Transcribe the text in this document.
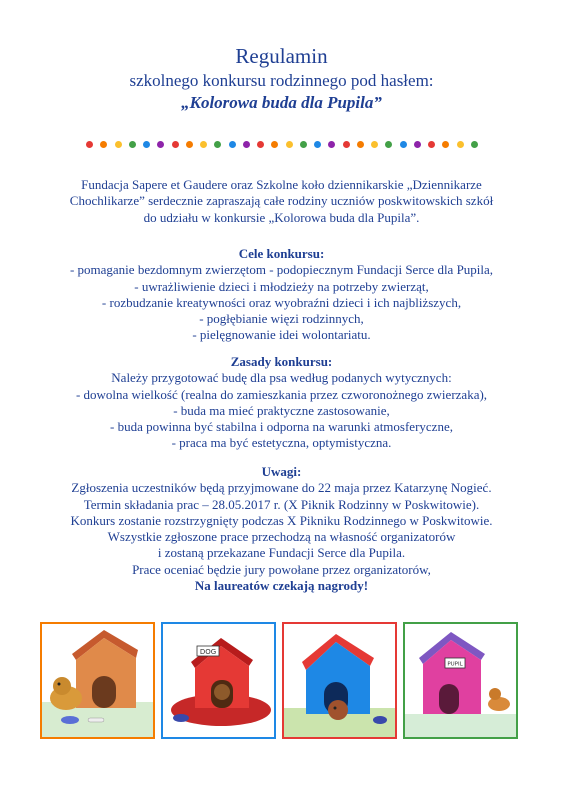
Regulamin
szkolnego konkursu rodzinnego pod hasłem:
„Kolorowa buda dla Pupila”

Fundacja Sapere et Gaudere oraz Szkolne koło dziennikarskie „Dziennikarze

Chochlikarze” serdecznie zapraszają całe rodziny uczniów poskwitowskich szkół

do udziału w konkursie „Kolorowa buda dla Pupila”.

Cele konkursu:

- pomaganie bezdomnym zwierzętom - podopiecznym Fundacji Serce dla Pupila,

- uwrażliwienie dzieci i młodzieży na potrzeby zwierząt,

- rozbudzanie kreatywności oraz wyobraźni dzieci i ich najbliższych,

- pogłębianie więzi rodzinnych,

- pielęgnowanie idei wolontariatu.

Zasady konkursu:

Należy przygotować budę dla psa według podanych wytycznych:

- dowolna wielkość (realna do zamieszkania przez czworonożnego zwierzaka),

- buda ma mieć praktyczne zastosowanie,

- buda powinna być stabilna i odporna na warunki atmosferyczne,

- praca ma być estetyczna, optymistyczna.

Uwagi:

Zgłoszenia uczestników będą przyjmowane do 22 maja przez Katarzynę Nogieć.

Termin składania prac – 28.05.2017 r. (X Piknik Rodzinny w Poskwitowie).

Konkurs zostanie rozstrzygnięty podczas X Pikniku Rodzinnego w Poskwitowie.

Wszystkie zgłoszone prace przechodzą na własność organizatorów

i zostaną przekazane Fundacji Serce dla Pupila.

Prace oceniać będzie jury powołane przez organizatorów,

Na laureatów czekają nagrody!

DOG
PUPIL
